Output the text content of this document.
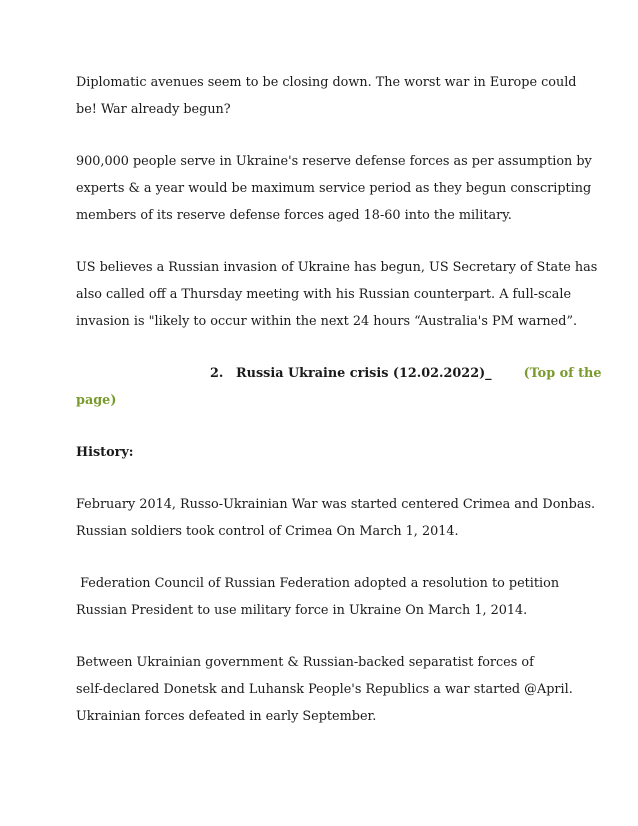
Diplomatic avenues seem to be closing down. The worst war in Europe could
be! War already begun?

900,000 people serve in Ukraine's reserve defense forces as per assumption by
experts & a year would be maximum service period as they begun conscripting
members of its reserve defense forces aged 18-60 into the military.

US believes a Russian invasion of Ukraine has begun, US Secretary of State has
also called off a Thursday meeting with his Russian counterpart. A full-scale
invasion is "likely to occur within the next 24 hours “Australia's PM warned”.

2. Russia Ukraine crisis (12.02.2022)_	(Top of the
page)

History:

February 2014, Russo-Ukrainian War was started centered Crimea and Donbas.
Russian soldiers took control of Crimea On March 1, 2014.

Federation Council of Russian Federation adopted a resolution to petition
Russian President to use military force in Ukraine On March 1, 2014.

Between Ukrainian government & Russian-backed separatist forces of
self-declared Donetsk and Luhansk People's Republics a war started @April.
Ukrainian forces defeated in early September.
